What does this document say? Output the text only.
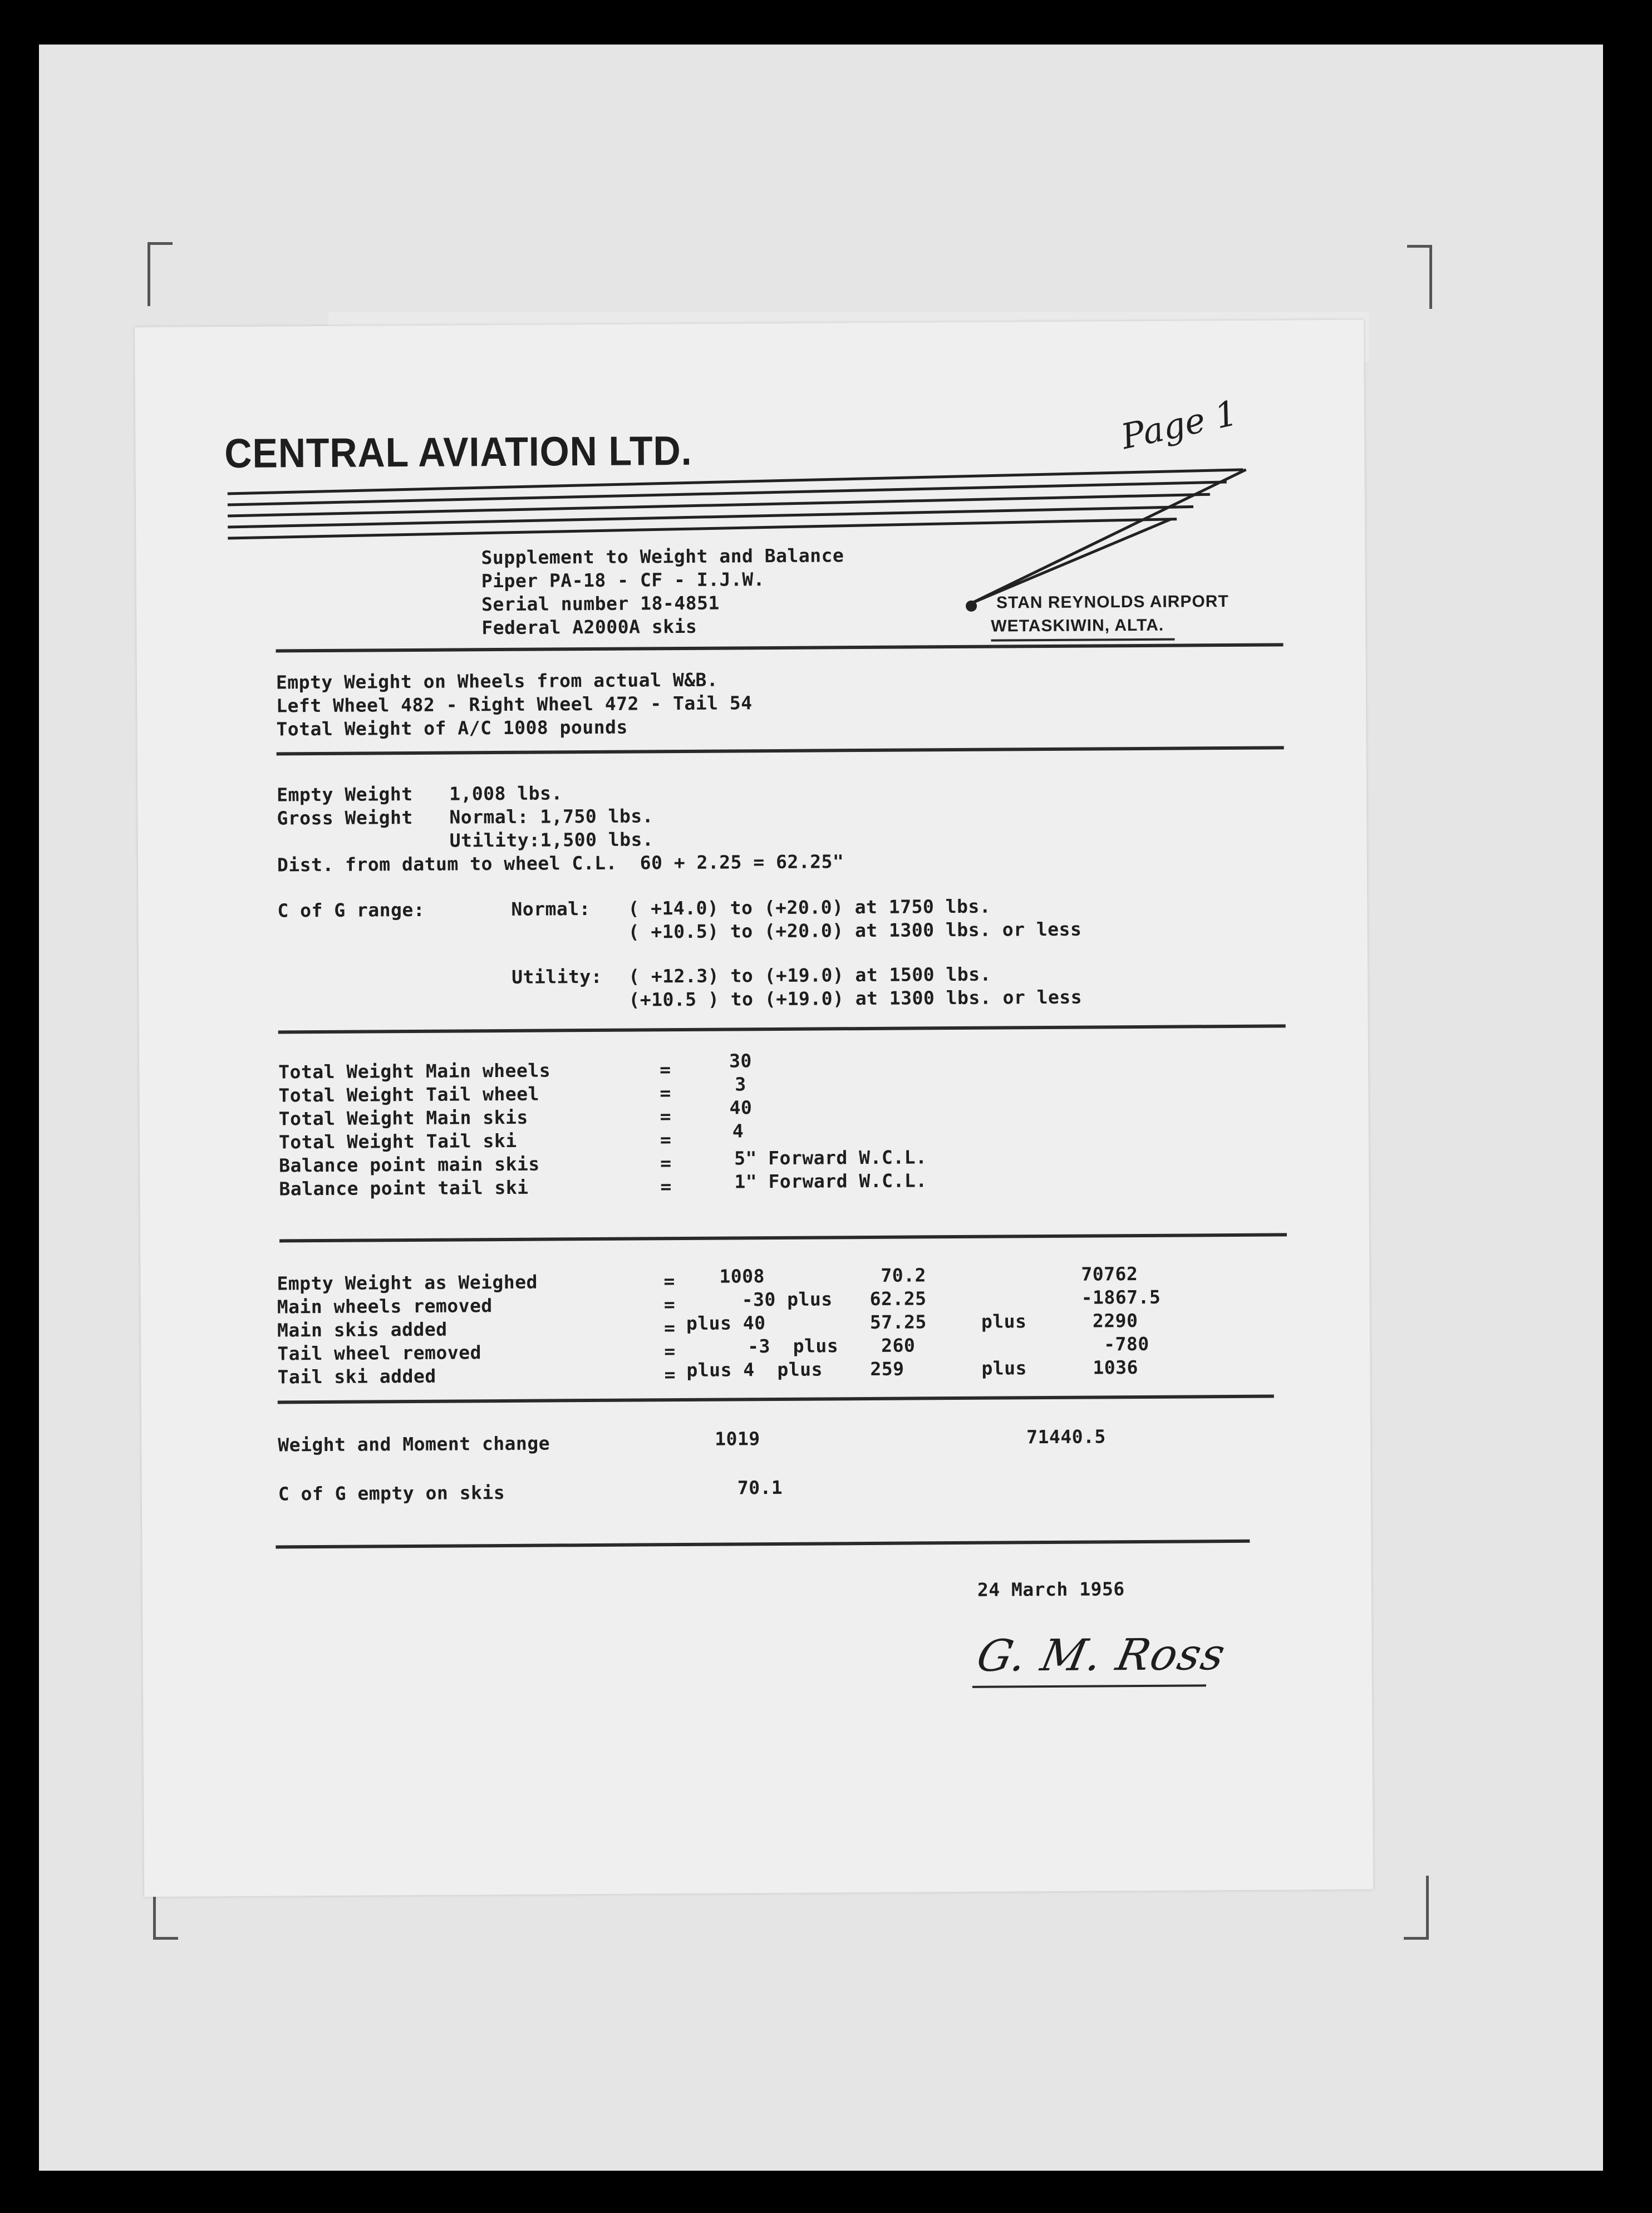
CENTRAL AVIATION LTD.	Page 1
STAN REYNOLDS AIRPORT
WETASKIWIN, ALTA.
Supplement to Weight and Balance
Piper PA-18 - CF - I.J.W.
Serial number 18-4851
Federal A2000A skis
Empty Weight on Wheels from actual W&B.
Left Wheel 482 - Right Wheel 472 - Tail 54
Total Weight of A/C 1008 pounds
Empty Weight 1,008 lbs.
Gross Weight Normal: 1,750 lbs.
Utility:1,500 lbs.
Dist. from datum to wheel C.L.  60 + 2.25 = 62.25"
C of G range:	Normal: ( +14.0) to (+20.0) at 1750 lbs.
( +10.5) to (+20.0) at 1300 lbs. or less
Utility: ( +12.3) to (+19.0) at 1500 lbs.
(+10.5 ) to (+19.0) at 1300 lbs. or less
Total Weight Main wheels	=	30
Total Weight Tail wheel	=	3
Total Weight Main skis	=	40
Total Weight Tail ski	=	4
Balance point main skis	=	5" Forward W.C.L.
Balance point tail ski	=	1" Forward W.C.L.
Empty Weight as Weighed	= 1008	70.2	70762
Main wheels removed	=	-30 plus 62.25	-1867.5
Main skis added	= plus 40	57.25	plus	2290
Tail wheel removed	=	-3  plus 260	-780
Tail ski added	= plus 4  plus	259	plus	1036
Weight and Moment change	1019	71440.5
C of G empty on skis	70.1
24 March 1956
G. M. Ross
